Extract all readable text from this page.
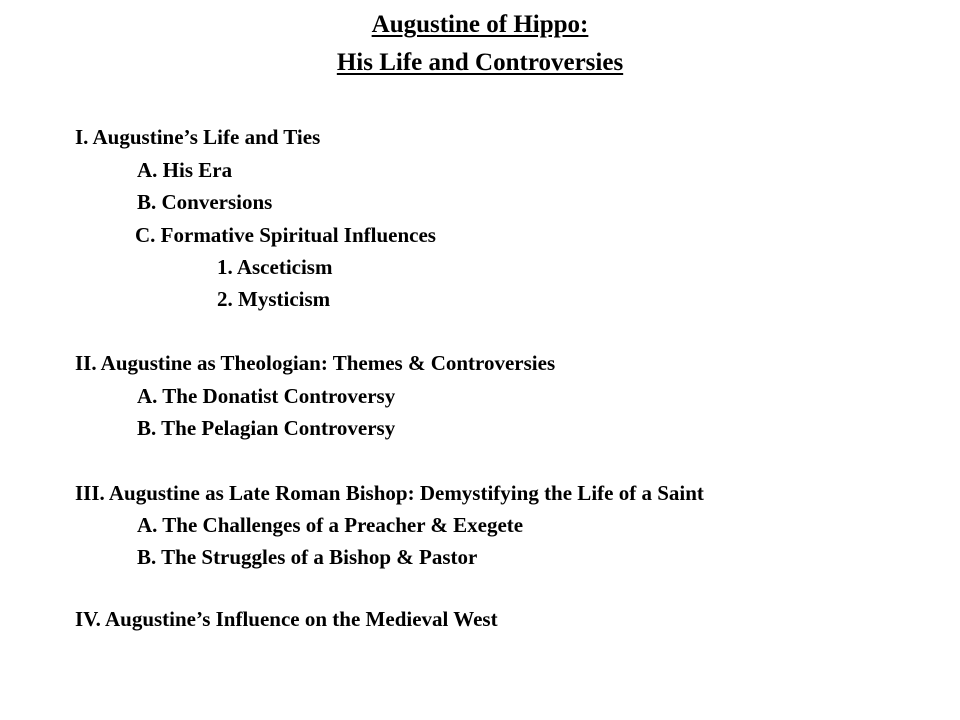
Augustine of Hippo:
His Life and Controversies
I. Augustine’s Life and Ties
A. His Era
B. Conversions
C. Formative Spiritual Influences
1. Asceticism
2. Mysticism
II. Augustine as Theologian: Themes & Controversies
A. The Donatist Controversy
B. The Pelagian Controversy
III. Augustine as Late Roman Bishop: Demystifying the Life of a Saint
A. The Challenges of a Preacher & Exegete
B. The Struggles of a Bishop & Pastor
IV. Augustine’s Influence on the Medieval West
